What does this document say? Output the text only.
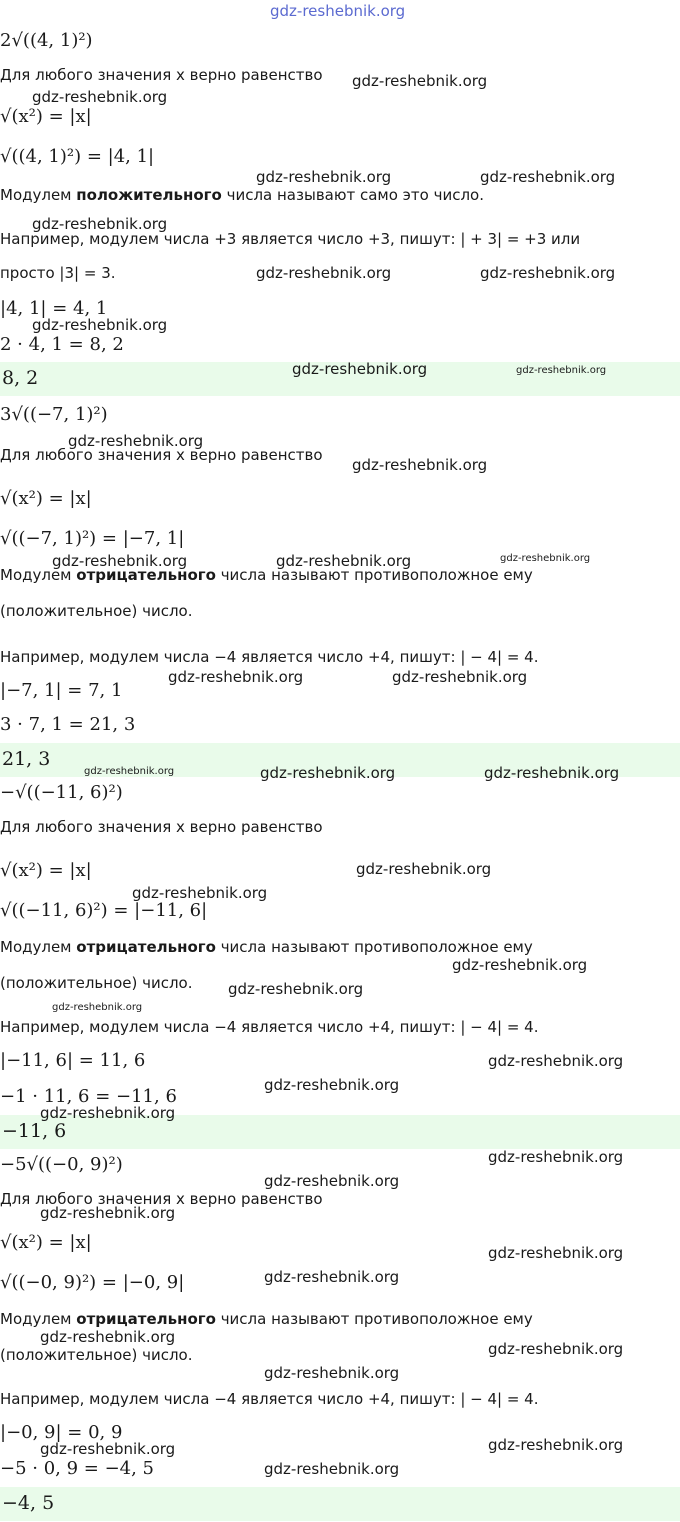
gdz-reshebnik.org
2√((4, 1)²)
Для любого значения x верно равенство
√(x²) = |x|
√((4, 1)²) = |4, 1|
Модулем положительного числа называют само это число.
Например, модулем числа +3 является число +3, пишут: | + 3| = +3 или
просто |3| = 3.
|4, 1| = 4, 1
2 · 4, 1 = 8, 2
8, 2
3√((−7, 1)²)
Для любого значения x верно равенство
√(x²) = |x|
√((−7, 1)²) = |−7, 1|
Модулем отрицательного числа называют противоположное ему
(положительное) число.
Например, модулем числа −4 является число +4, пишут: | − 4| = 4.
|−7, 1| = 7, 1
3 · 7, 1 = 21, 3
21, 3
−√((−11, 6)²)
Для любого значения x верно равенство
√(x²) = |x|
√((−11, 6)²) = |−11, 6|
Модулем отрицательного числа называют противоположное ему
(положительное) число.
Например, модулем числа −4 является число +4, пишут: | − 4| = 4.
|−11, 6| = 11, 6
−1 · 11, 6 = −11, 6
−11, 6
−5√((−0, 9)²)
Для любого значения x верно равенство
√(x²) = |x|
√((−0, 9)²) = |−0, 9|
Модулем отрицательного числа называют противоположное ему
(положительное) число.
Например, модулем числа −4 является число +4, пишут: | − 4| = 4.
|−0, 9| = 0, 9
−5 · 0, 9 = −4, 5
−4, 5
gdz-reshebnik.org
gdz-reshebnik.org
gdz-reshebnik.org	gdz-reshebnik.org
gdz-reshebnik.org
gdz-reshebnik.org	gdz-reshebnik.org
gdz-reshebnik.org
gdz-reshebnik.org	gdz-reshebnik.org
gdz-reshebnik.org
gdz-reshebnik.org
gdz-reshebnik.org	gdz-reshebnik.org	gdz-reshebnik.org
gdz-reshebnik.org	gdz-reshebnik.org
gdz-reshebnik.org	gdz-reshebnik.org	gdz-reshebnik.org
gdz-reshebnik.org
gdz-reshebnik.org
gdz-reshebnik.org
gdz-reshebnik.org
gdz-reshebnik.org
gdz-reshebnik.org
gdz-reshebnik.org
gdz-reshebnik.org
gdz-reshebnik.org
gdz-reshebnik.org
gdz-reshebnik.org
gdz-reshebnik.org
gdz-reshebnik.org
gdz-reshebnik.org
gdz-reshebnik.org
gdz-reshebnik.org
gdz-reshebnik.org	gdz-reshebnik.org
gdz-reshebnik.org
